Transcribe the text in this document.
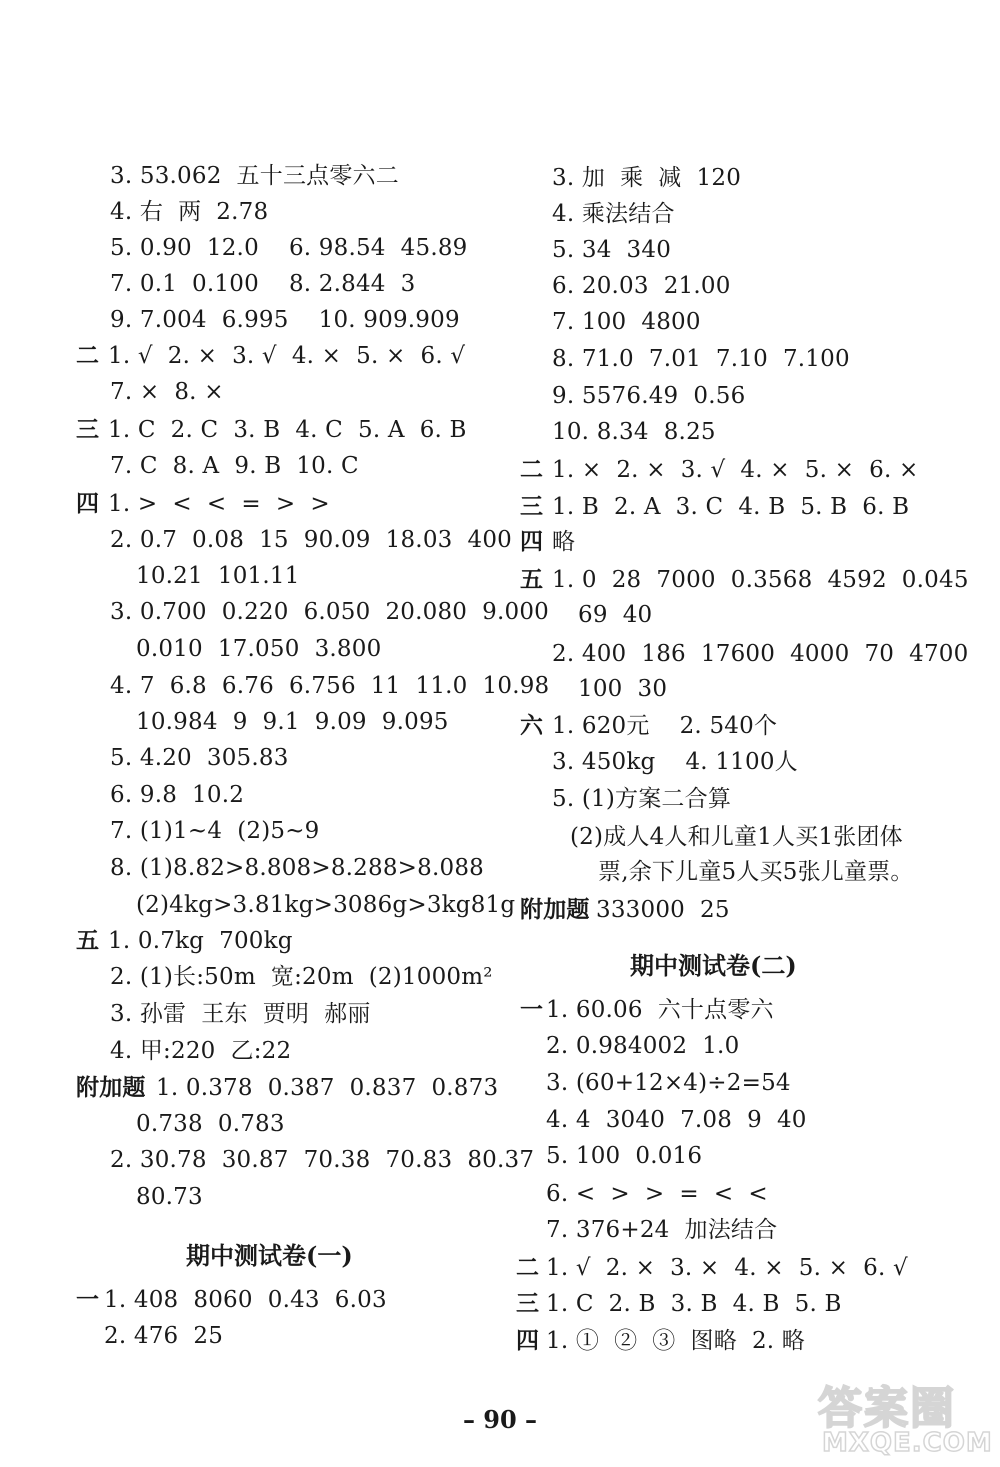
3. 53.062  五十三点零六二
4. 右  两  2.78
5. 0.90  12.0    6. 98.54  45.89
7. 0.1  0.100    8. 2.844  3
9. 7.004  6.995    10. 909.909
二 1. √  2. ×  3. √  4. ×  5. ×  6. √
7. ×  8. ×
三 1. C  2. C  3. B  4. C  5. A  6. B
7. C  8. A  9. B  10. C
四 1. >  <  <  =  >  >
2. 0.7  0.08  15  90.09  18.03  400
10.21  101.11
3. 0.700  0.220  6.050  20.080  9.000
0.010  17.050  3.800
4. 7  6.8  6.76  6.756  11  11.0  10.98
10.984  9  9.1  9.09  9.095
5. 4.20  305.83
6. 9.8  10.2
7. (1)1~4  (2)5~9
8. (1)8.82>8.808>8.288>8.088
(2)4kg>3.81kg>3086g>3kg81g
五 1. 0.7kg  700kg
2. (1)长:50m  宽:20m  (2)1000m²
3. 孙雷  王东  贾明  郝丽
4. 甲:220  乙:22
附加题 1. 0.378  0.387  0.837  0.873
0.738  0.783
2. 30.78  30.87  70.38  70.83  80.37
80.73
期中测试卷(一)
一 1. 408  8060  0.43  6.03
2. 476  25
3. 加  乘  减  120
4. 乘法结合
5. 34  340
6. 20.03  21.00
7. 100  4800
8. 71.0  7.01  7.10  7.100
9. 5576.49  0.56
10. 8.34  8.25
二 1. ×  2. ×  3. √  4. ×  5. ×  6. ×
三 1. B  2. A  3. C  4. B  5. B  6. B
四 略
五 1. 0  28  7000  0.3568  4592  0.045
69  40
2. 400  186  17600  4000  70  4700
100  30
六 1. 620元    2. 540个
3. 450kg    4. 1100人
5. (1)方案二合算
(2)成人4人和儿童1人买1张团体
票,余下儿童5人买5张儿童票。
附加题 333000  25
期中测试卷(二)
一 1. 60.06  六十点零六
2. 0.984002  1.0
3. (60+12×4)÷2=54
4. 4  3040  7.08  9  40
5. 100  0.016
6. <  >  >  =  <  <
7. 376+24  加法结合
二 1. √  2. ×  3. ×  4. ×  5. ×  6. √
三 1. C  2. B  3. B  4. B  5. B
四 1. ①  ②  ③  图略  2. 略
– 90 –	答案圈
MXQE.COM
